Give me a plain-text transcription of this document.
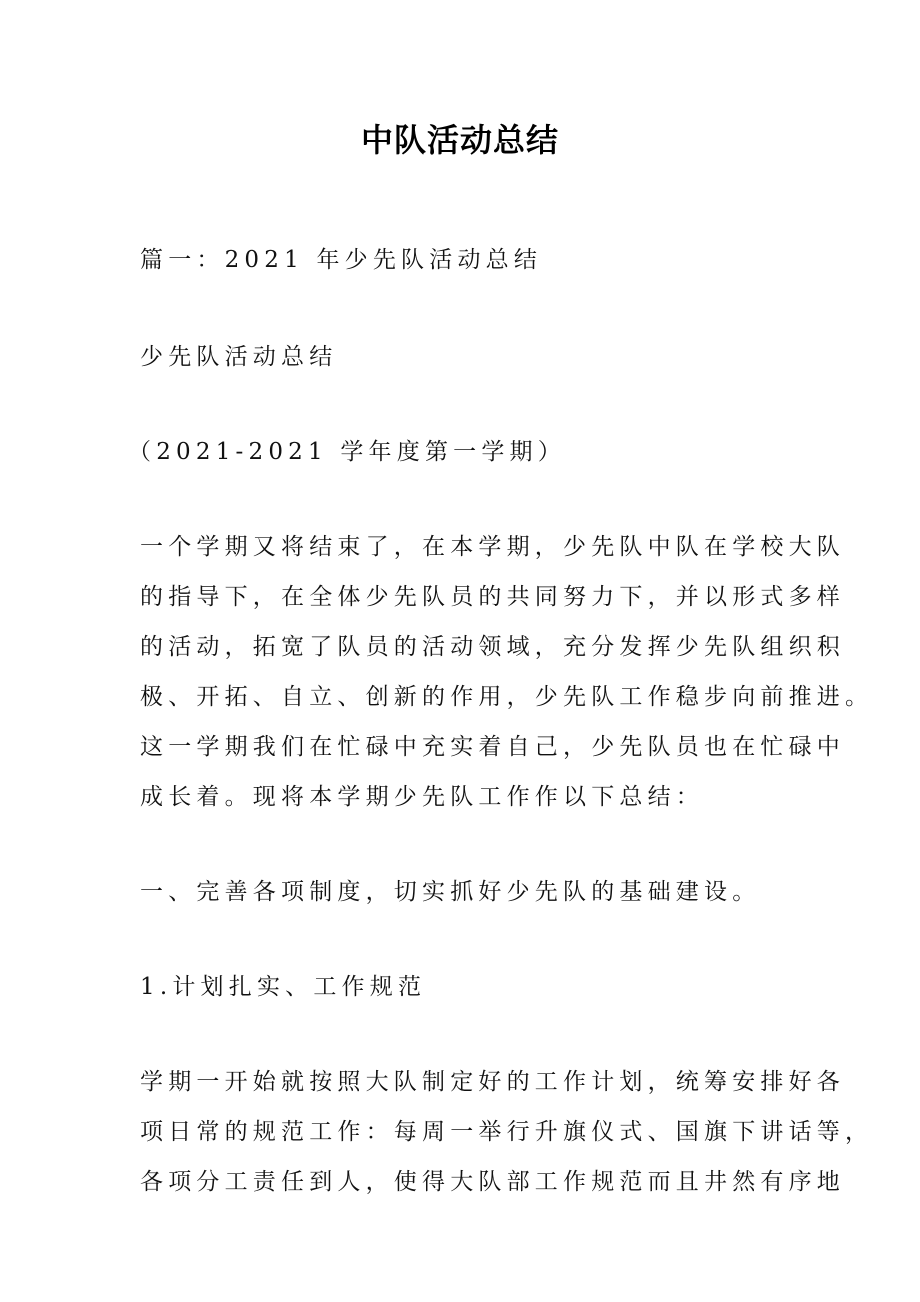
中队活动总结
篇一：2021 年少先队活动总结
少先队活动总结
（2021-2021 学年度第一学期）
一个学期又将结束了，在本学期，少先队中队在学校大队
的指导下，在全体少先队员的共同努力下，并以形式多样
的活动，拓宽了队员的活动领域，充分发挥少先队组织积
极、开拓、自立、创新的作用，少先队工作稳步向前推进。
这一学期我们在忙碌中充实着自己，少先队员也在忙碌中
成长着。现将本学期少先队工作作以下总结：
一、完善各项制度，切实抓好少先队的基础建设。
1.计划扎实、工作规范
学期一开始就按照大队制定好的工作计划，统筹安排好各
项日常的规范工作：每周一举行升旗仪式、国旗下讲话等，
各项分工责任到人，使得大队部工作规范而且井然有序地
